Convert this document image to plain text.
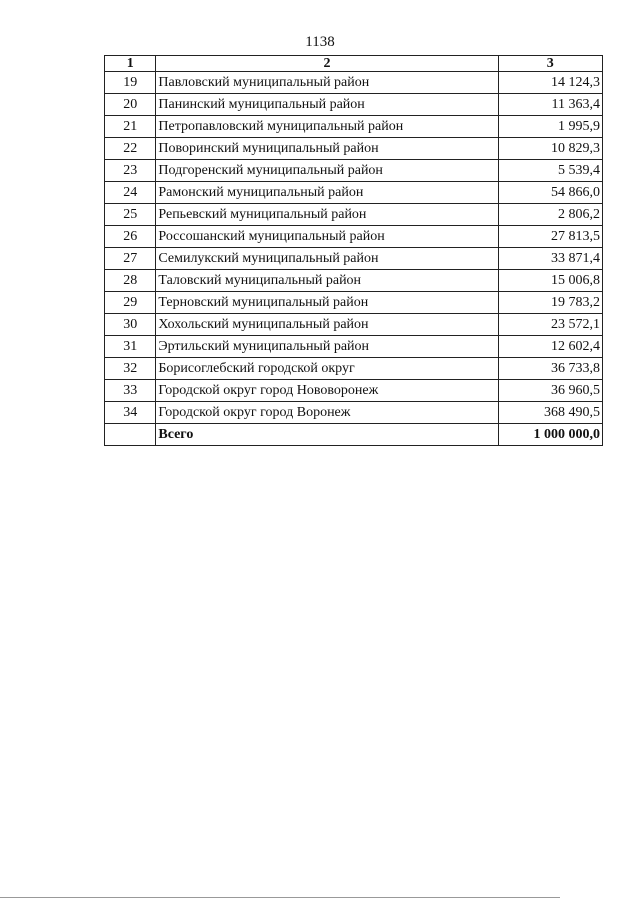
1138
1	2	3
19	Павловский муниципальный район	14 124,3
20	Панинский муниципальный район	11 363,4
21	Петропавловский муниципальный район	1 995,9
22	Поворинский муниципальный район	10 829,3
23	Подгоренский муниципальный район	5 539,4
24	Рамонский муниципальный район	54 866,0
25	Репьевский муниципальный район	2 806,2
26	Россошанский муниципальный район	27 813,5
27	Семилукский муниципальный район	33 871,4
28	Таловский муниципальный район	15 006,8
29	Терновский муниципальный район	19 783,2
30	Хохольский муниципальный район	23 572,1
31	Эртильский муниципальный район	12 602,4
32	Борисоглебский городской округ	36 733,8
33	Городской округ город Нововоронеж	36 960,5
34	Городской округ город Воронеж	368 490,5
	Всего	1 000 000,0
